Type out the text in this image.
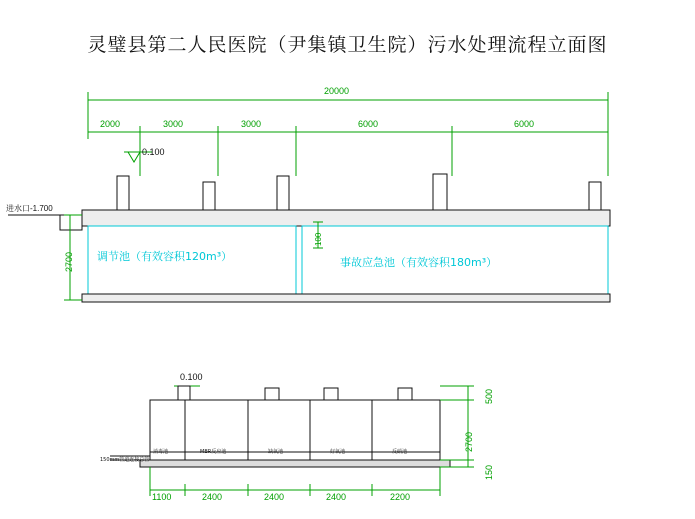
灵璧县第二人民医院（尹集镇卫生院）污水处理流程立面图
20000
2000	3000	3000	6000	6000
0.100
进水口-1.700
2700
100
调节池（有效容积120m³）	事故应急池（有效容积180m³）
0.100
150mm管道连接总管
消毒池	MBR反应池	缺氧池	好氧池	反硝池
1100	2400	2400	2400	2200
500
2700
150
